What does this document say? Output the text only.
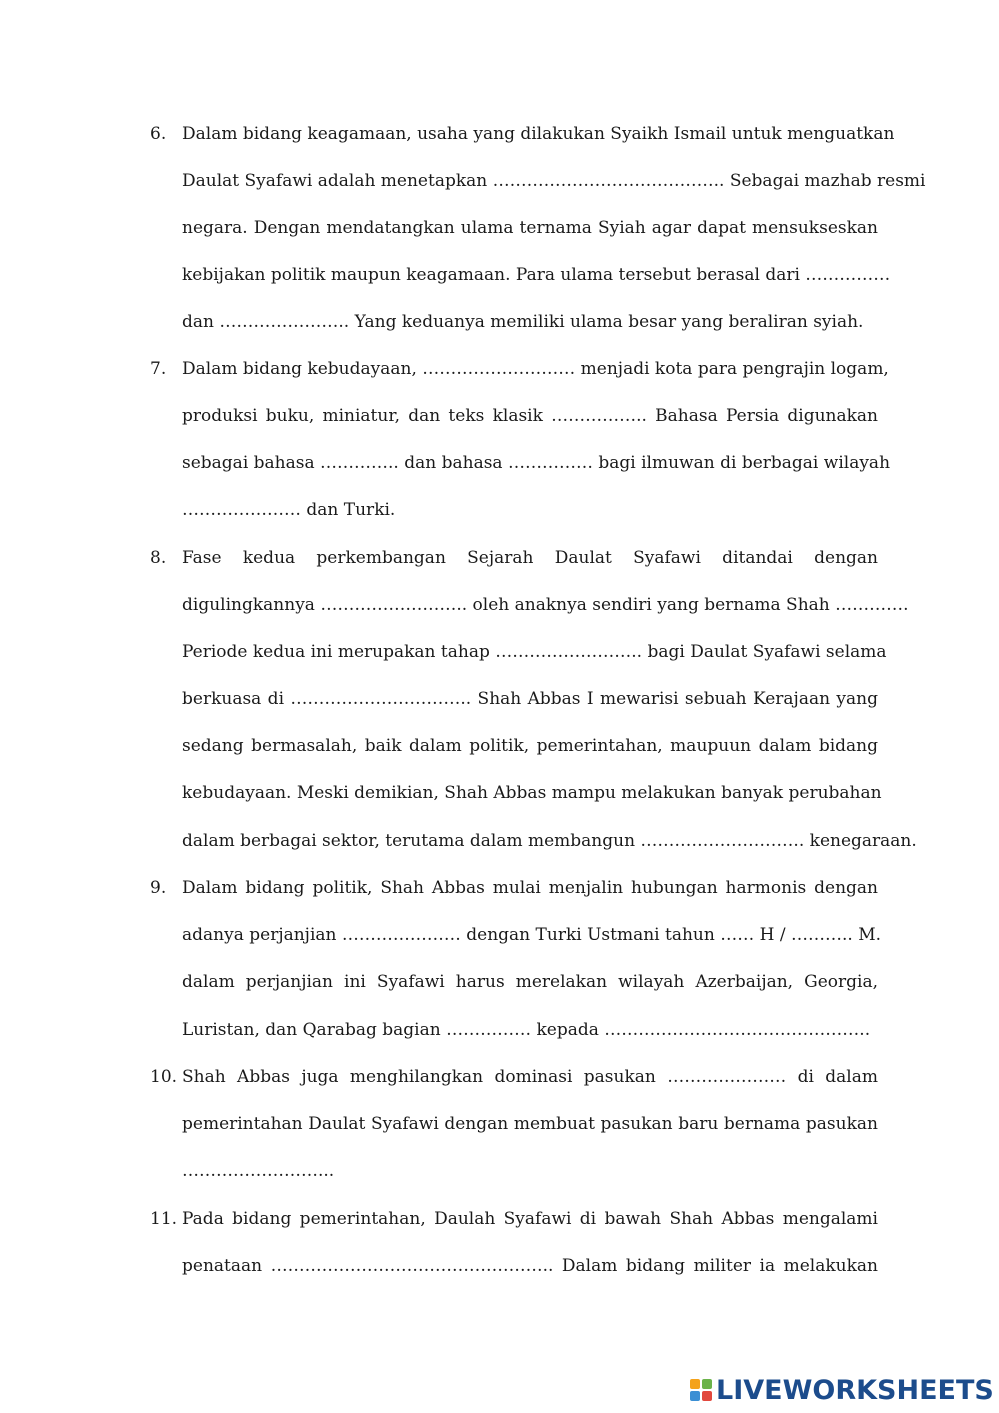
6. Dalam bidang keagamaan, usaha yang dilakukan Syaikh Ismail untuk menguatkan
Daulat Syafawi adalah menetapkan ………………………………….. Sebagai mazhab resmi
negara. Dengan mendatangkan ulama ternama Syiah agar dapat mensukseskan
kebijakan politik maupun keagamaan. Para ulama tersebut berasal dari ……………
dan ………………….. Yang keduanya memiliki ulama besar yang beraliran syiah.
7. Dalam bidang kebudayaan, ……………………… menjadi kota para pengrajin logam,
produksi buku, miniatur, dan teks klasik …………….. Bahasa Persia digunakan
sebagai bahasa ………….. dan bahasa …………… bagi ilmuwan di berbagai wilayah
………………… dan Turki.
8. Fase kedua perkembangan Sejarah Daulat Syafawi ditandai dengan
digulingkannya …………………….. oleh anaknya sendiri yang bernama Shah ………….
Periode kedua ini merupakan tahap …………………….. bagi Daulat Syafawi selama
berkuasa di ………………………….. Shah Abbas I mewarisi sebuah Kerajaan yang
sedang bermasalah, baik dalam politik, pemerintahan, maupuun dalam bidang
kebudayaan. Meski demikian, Shah Abbas mampu melakukan banyak perubahan
dalam berbagai sektor, terutama dalam membangun ……………………….. kenegaraan.
9. Dalam bidang politik, Shah Abbas mulai menjalin hubungan harmonis dengan
adanya perjanjian ………………… dengan Turki Ustmani tahun …… H / ……….. M.
dalam perjanjian ini Syafawi harus merelakan wilayah Azerbaijan, Georgia,
Luristan, dan Qarabag bagian …………… kepada ………………………………………..
10. Shah Abbas juga menghilangkan dominasi pasukan ………………… di dalam
pemerintahan Daulat Syafawi dengan membuat pasukan baru bernama pasukan
……………………...
11. Pada bidang pemerintahan, Daulah Syafawi di bawah Shah Abbas mengalami
penataan ………………………………………….. Dalam bidang militer ia melakukan
LIVEWORKSHEETS
